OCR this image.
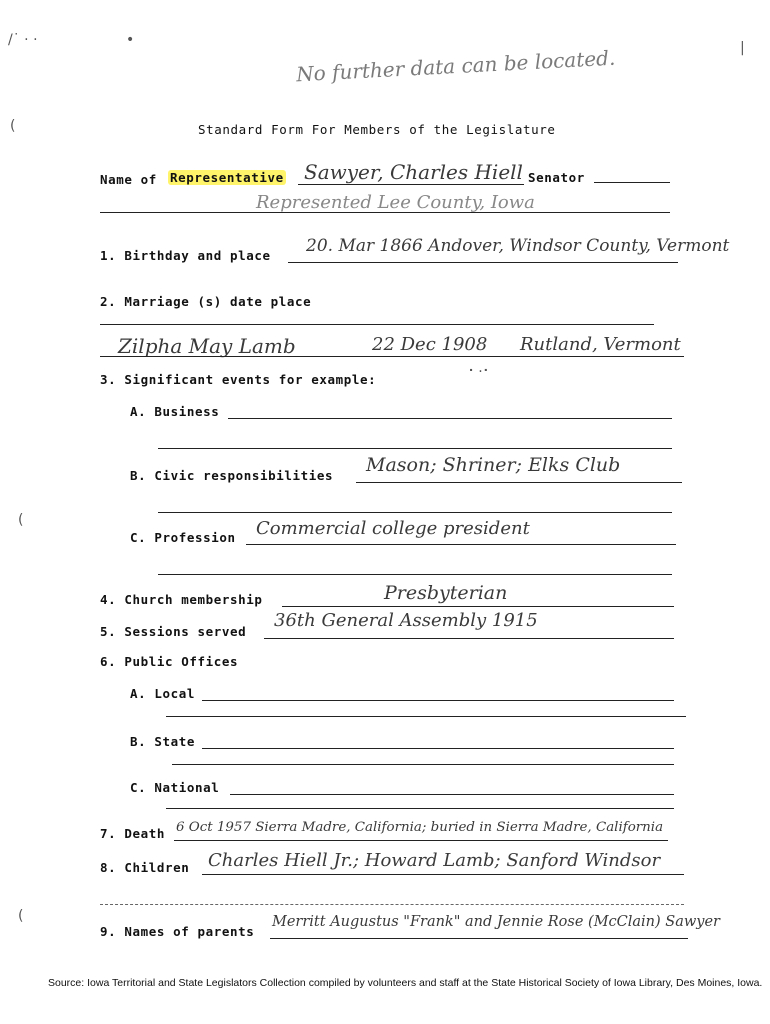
/˙ · ·	•	|
(
(
(
⠂·⠂
No further data can be located.
Standard Form For Members of the Legislature
Name of Representative Sawyer, Charles Hiell Senator
Represented Lee County, Iowa
1. Birthday and place 20. Mar 1866 Andover, Windsor County, Vermont
2. Marriage (s) date place
Zilpha May Lamb	22 Dec 1908 Rutland, Vermont
3. Significant events for example:
A. Business
B. Civic responsibilities Mason; Shriner; Elks Club
C. Profession Commercial college president
4. Church membership	Presbyterian
5. Sessions served
36th General Assembly 1915
6. Public Offices
A. Local
B. State
C. National
7. Death 6 Oct 1957 Sierra Madre, California; buried in Sierra Madre, California
8. Children Charles Hiell Jr.; Howard Lamb; Sanford Windsor
9. Names of parents
Merritt Augustus "Frank" and Jennie Rose (McClain) Sawyer
Source: Iowa Territorial and State Legislators Collection compiled by volunteers and staff at the State Historical Society of Iowa Library, Des Moines, Iowa.
